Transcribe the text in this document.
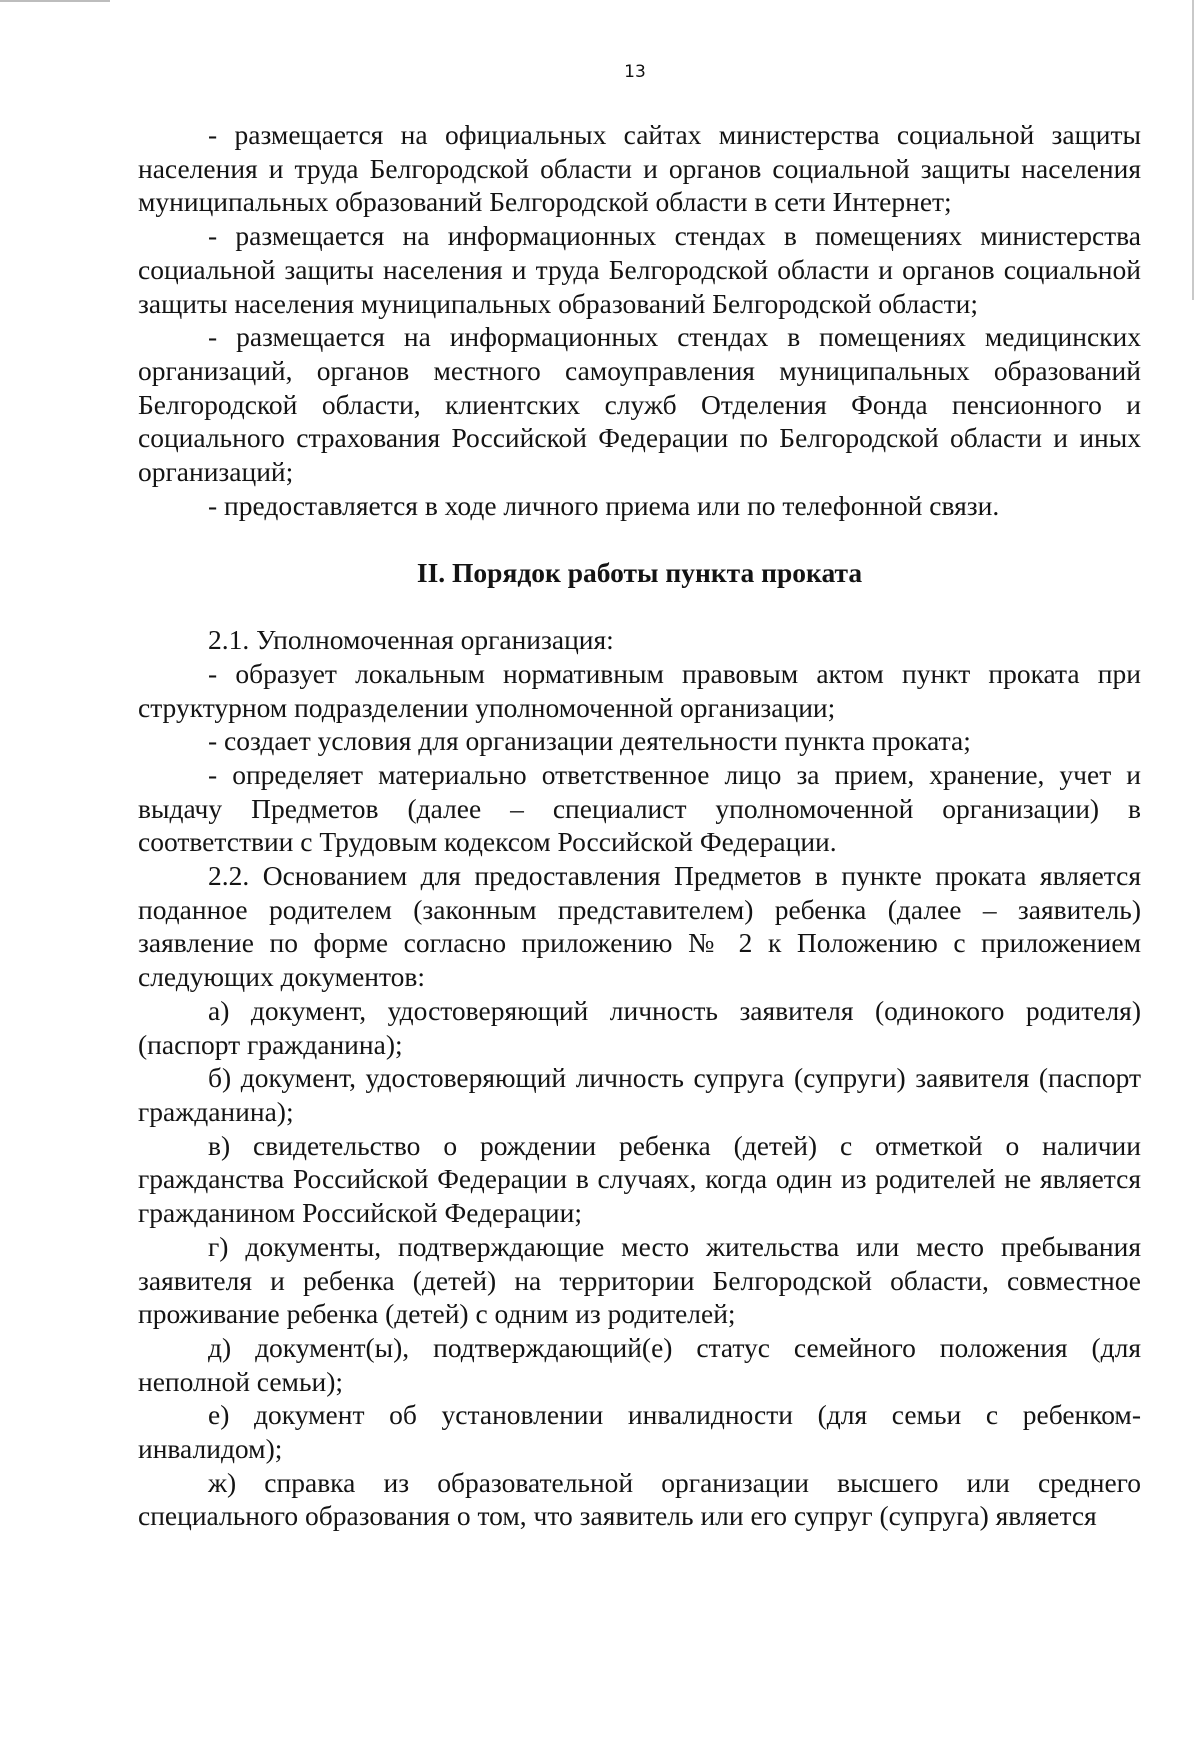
13

- размещается на официальных сайтах министерства социальной защиты населения и труда Белгородской области и органов социальной защиты населения муниципальных образований Белгородской области в сети Интернет;

- размещается на информационных стендах в помещениях министерства социальной защиты населения и труда Белгородской области и органов социальной защиты населения муниципальных образований Белгородской области;

- размещается на информационных стендах в помещениях медицинских организаций, органов местного самоуправления муниципальных образований Белгородской области, клиентских служб Отделения Фонда пенсионного и социального страхования Российской Федерации по Белгородской области и иных организаций;

- предоставляется в ходе личного приема или по телефонной связи.

II. Порядок работы пункта проката

2.1. Уполномоченная организация:

- образует локальным нормативным правовым актом пункт проката при структурном подразделении уполномоченной организации;

- создает условия для организации деятельности пункта проката;

- определяет материально ответственное лицо за прием, хранение, учет и выдачу Предметов (далее – специалист уполномоченной организации) в соответствии с Трудовым кодексом Российской Федерации.

2.2. Основанием для предоставления Предметов в пункте проката является поданное родителем (законным представителем) ребенка (далее – заявитель) заявление по форме согласно приложению № 2 к Положению с приложением следующих документов:

а) документ, удостоверяющий личность заявителя (одинокого родителя) (паспорт гражданина);

б) документ, удостоверяющий личность супруга (супруги) заявителя (паспорт гражданина);

в) свидетельство о рождении ребенка (детей) с отметкой о наличии гражданства Российской Федерации в случаях, когда один из родителей не является гражданином Российской Федерации;

г) документы, подтверждающие место жительства или место пребывания заявителя и ребенка (детей) на территории Белгородской области, совместное проживание ребенка (детей) с одним из родителей;

д) документ(ы), подтверждающий(е) статус семейного положения (для неполной семьи);

е) документ об установлении инвалидности (для семьи с ребенком-инвалидом);

ж) справка из образовательной организации высшего или среднего специального образования о том, что заявитель или его супруг (супруга) является
